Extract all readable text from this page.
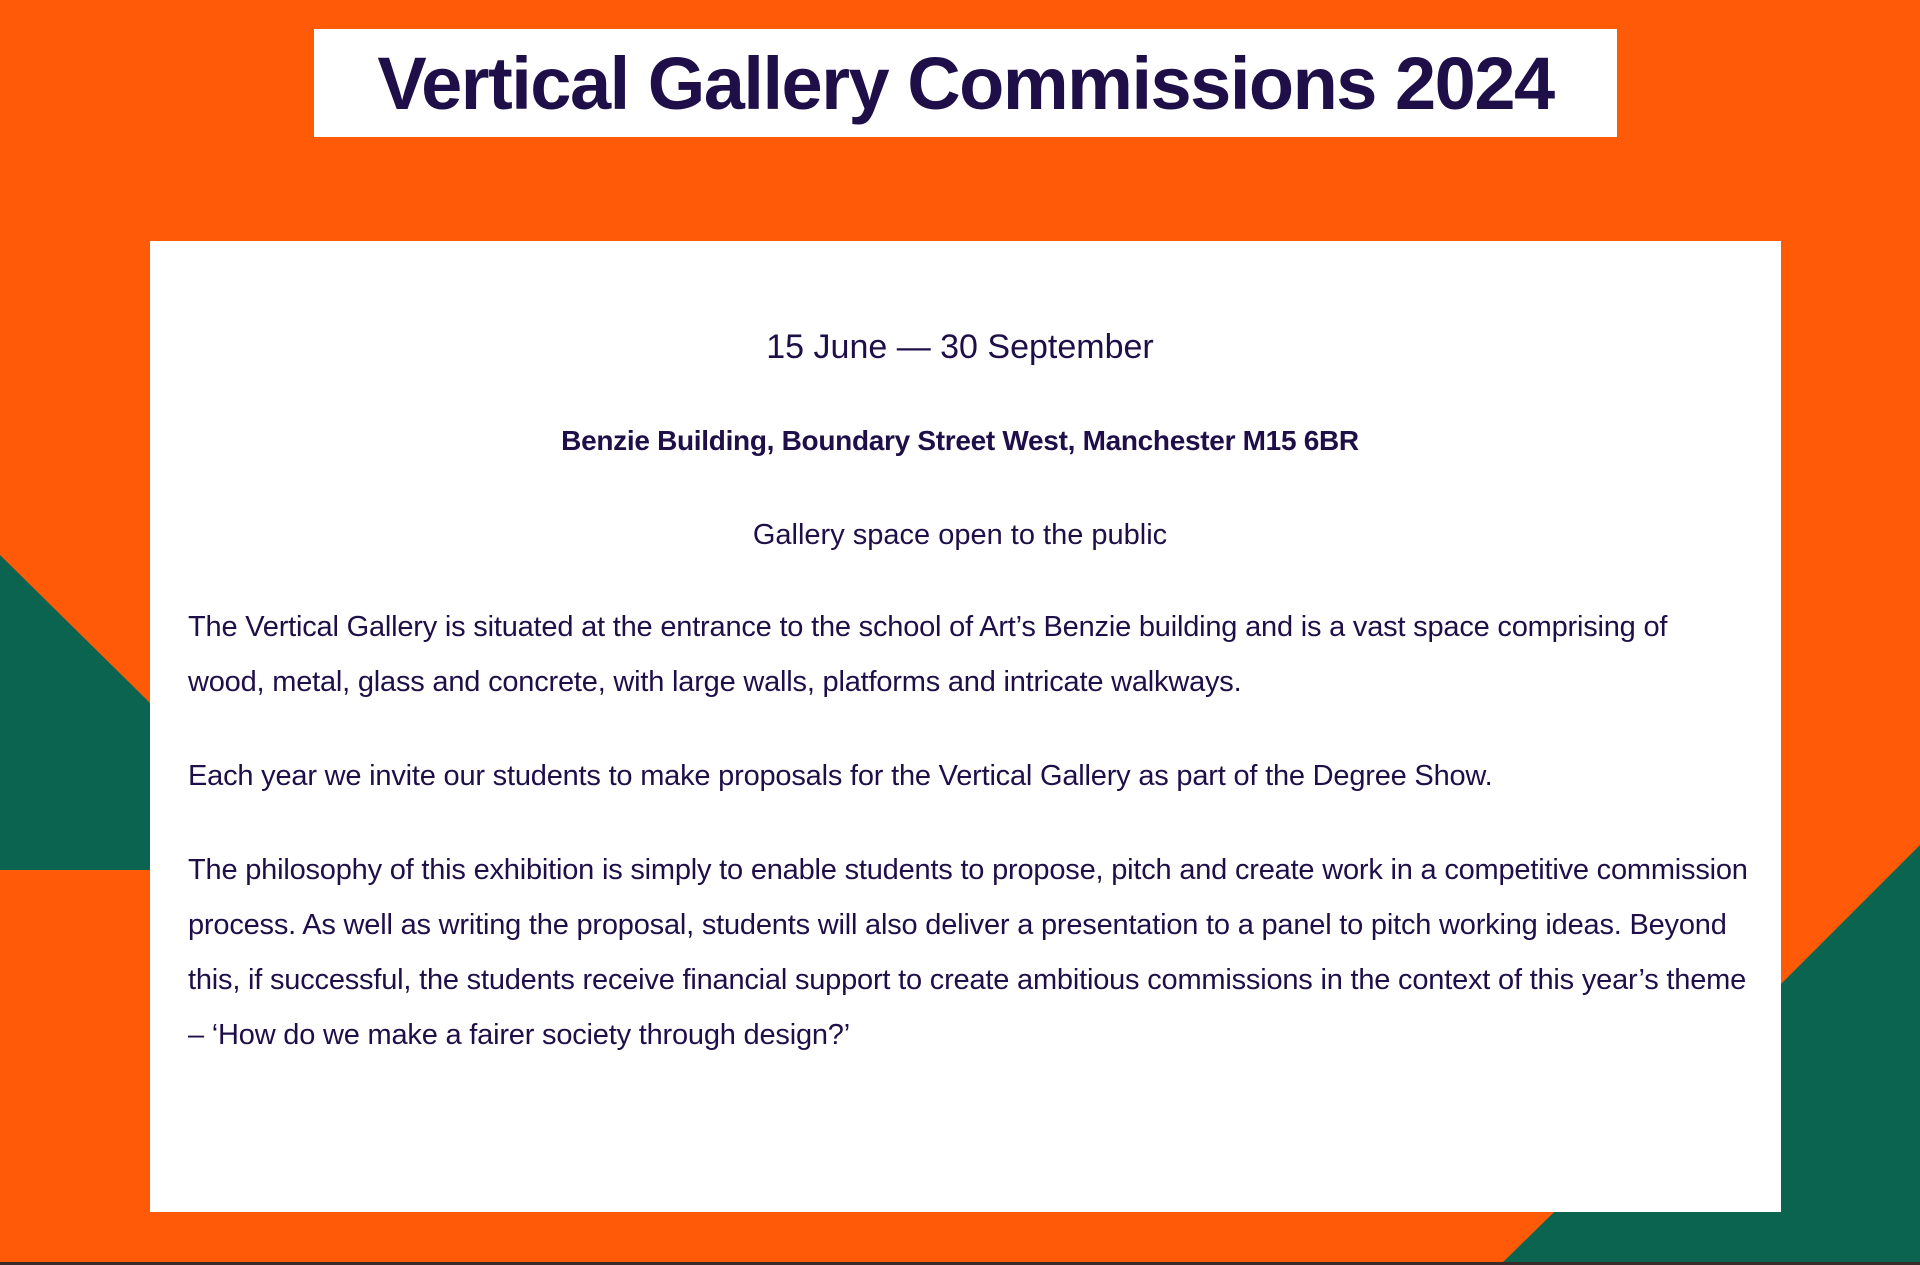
Vertical Gallery Commissions 2024
15 June — 30 September
Benzie Building, Boundary Street West, Manchester M15 6BR
Gallery space open to the public

The Vertical Gallery is situated at the entrance to the school of Art’s Benzie building and is a vast space comprising of wood, metal, glass and concrete, with large walls, platforms and intricate walkways.

Each year we invite our students to make proposals for the Vertical Gallery as part of the Degree Show.

The philosophy of this exhibition is simply to enable students to propose, pitch and create work in a competitive commission process. As well as writing the proposal, students will also deliver a presentation to a panel to pitch working ideas. Beyond this, if successful, the students receive financial support to create ambitious commissions in the context of this year’s theme – ‘How do we make a fairer society through design?’
